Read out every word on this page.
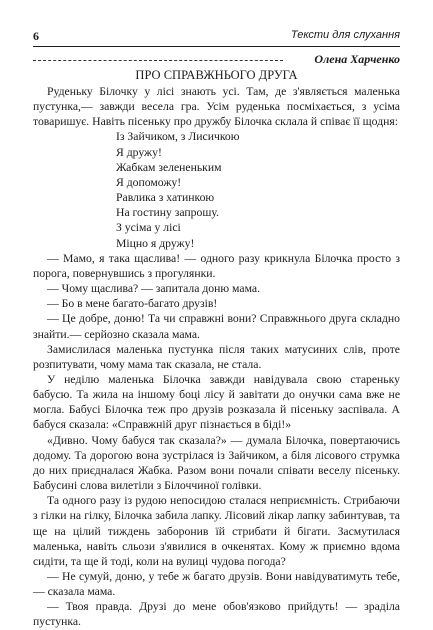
6	Тексти для слухання
Олена Харченко
ПРО СПРАВЖНЬОГО ДРУГА

Руденьку Білочку у лісі знають усі. Там, де з'являється маленька пустунка,— завжди весела гра. Усім руденька посміхається, з усіма товаришує. Навіть пісеньку про дружбу Білочка склала й співає її щодня:

Із Зайчиком, з Лисичкою
Я дружу!
Жабкам зелененьким
Я допоможу!
Равлика з хатинкою
На гостину запрошу.
З усіма у лісі
Міцно я дружу!

— Мамо, я така щаслива! — одного разу крикнула Білочка просто з порога, повернувшись з прогулянки.

— Чому щаслива? — запитала доню мама.

— Бо в мене багато-багато друзів!

— Це добре, доню! Та чи справжні вони? Справжнього друга складно знайти.— серйозно сказала мама.

Замислилася маленька пустунка після таких матусиних слів, проте розпитувати, чому мама так сказала, не стала.

У неділю маленька Білочка завжди навідувала свою стареньку бабусю. Та жила на іншому боці лісу й завітати до онучки сама вже не могла. Бабусі Білочка теж про друзів розказала й пісеньку заспівала. А бабуся сказала: «Справжній друг пізнається в біді!»

«Дивно. Чому бабуся так сказала?» — думала Білочка, повертаючись додому. Та дорогою вона зустрілася із Зайчиком, а біля лісового струмка до них приєдналася Жабка. Разом вони почали співати веселу пісеньку. Бабусині слова вилетіли з Білоччиної голівки.

Та одного разу із рудою непосидою сталася неприємність. Стрибаючи з гілки на гілку, Білочка забила лапку. Лісовий лікар лапку забинтував, та ще на цілий тиждень заборонив їй стрибати й бігати. Засмутилася маленька, навіть сльози з'явилися в очкенятах. Кому ж приємно вдома сидіти, та ще й тоді, коли на вулиці чудова погода?

— Не сумуй, доню, у тебе ж багато друзів. Вони навідуватимуть тебе,— сказала мама.

— Твоя правда. Друзі до мене обов'язково прийдуть! — зраділа пустунка.
